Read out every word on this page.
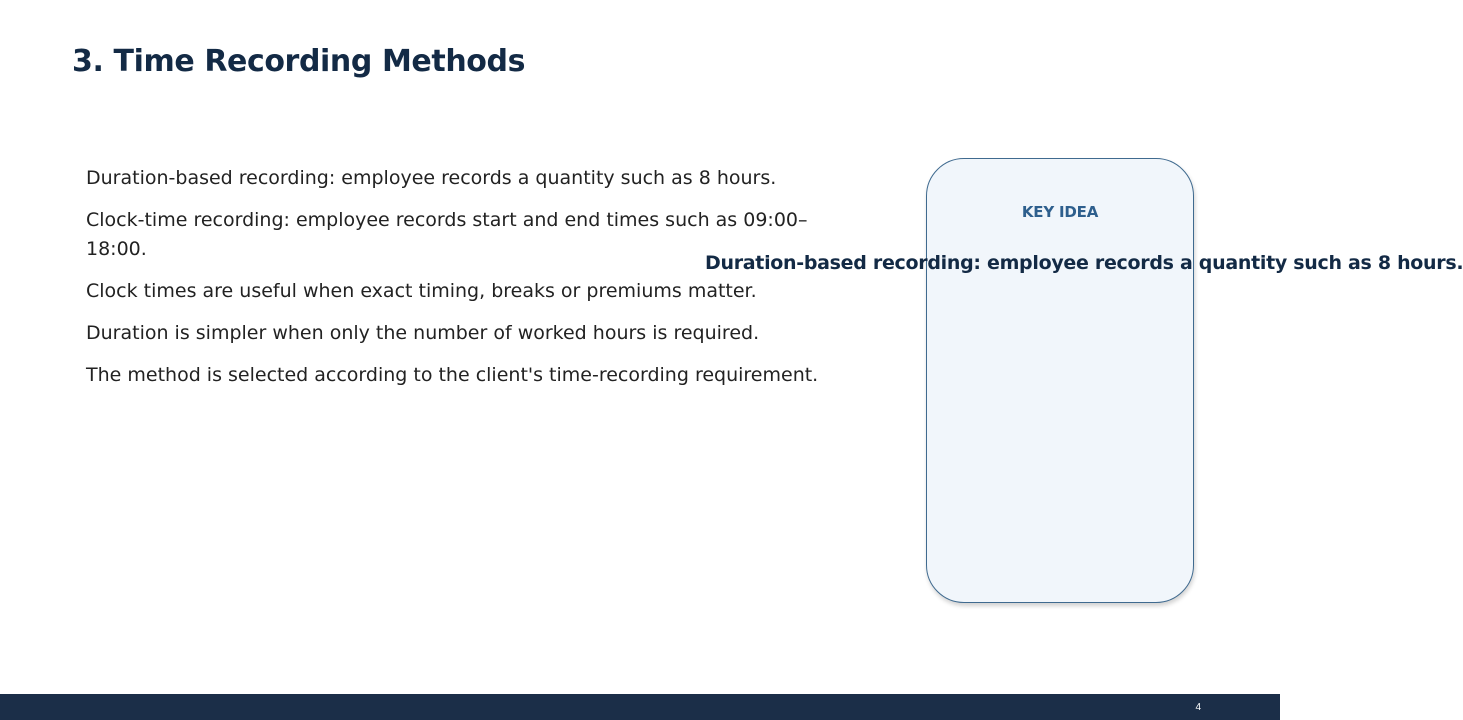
3. Time Recording Methods
Duration-based recording: employee records a quantity such as 8 hours.
Clock-time recording: employee records start and end times such as 09:00–18:00.
Clock times are useful when exact timing, breaks or premiums matter.
Duration is simpler when only the number of worked hours is required.
The method is selected according to the client's time-recording requirement.
KEY IDEA
Duration-based recording: employee records a quantity such as 8 hours.
4
